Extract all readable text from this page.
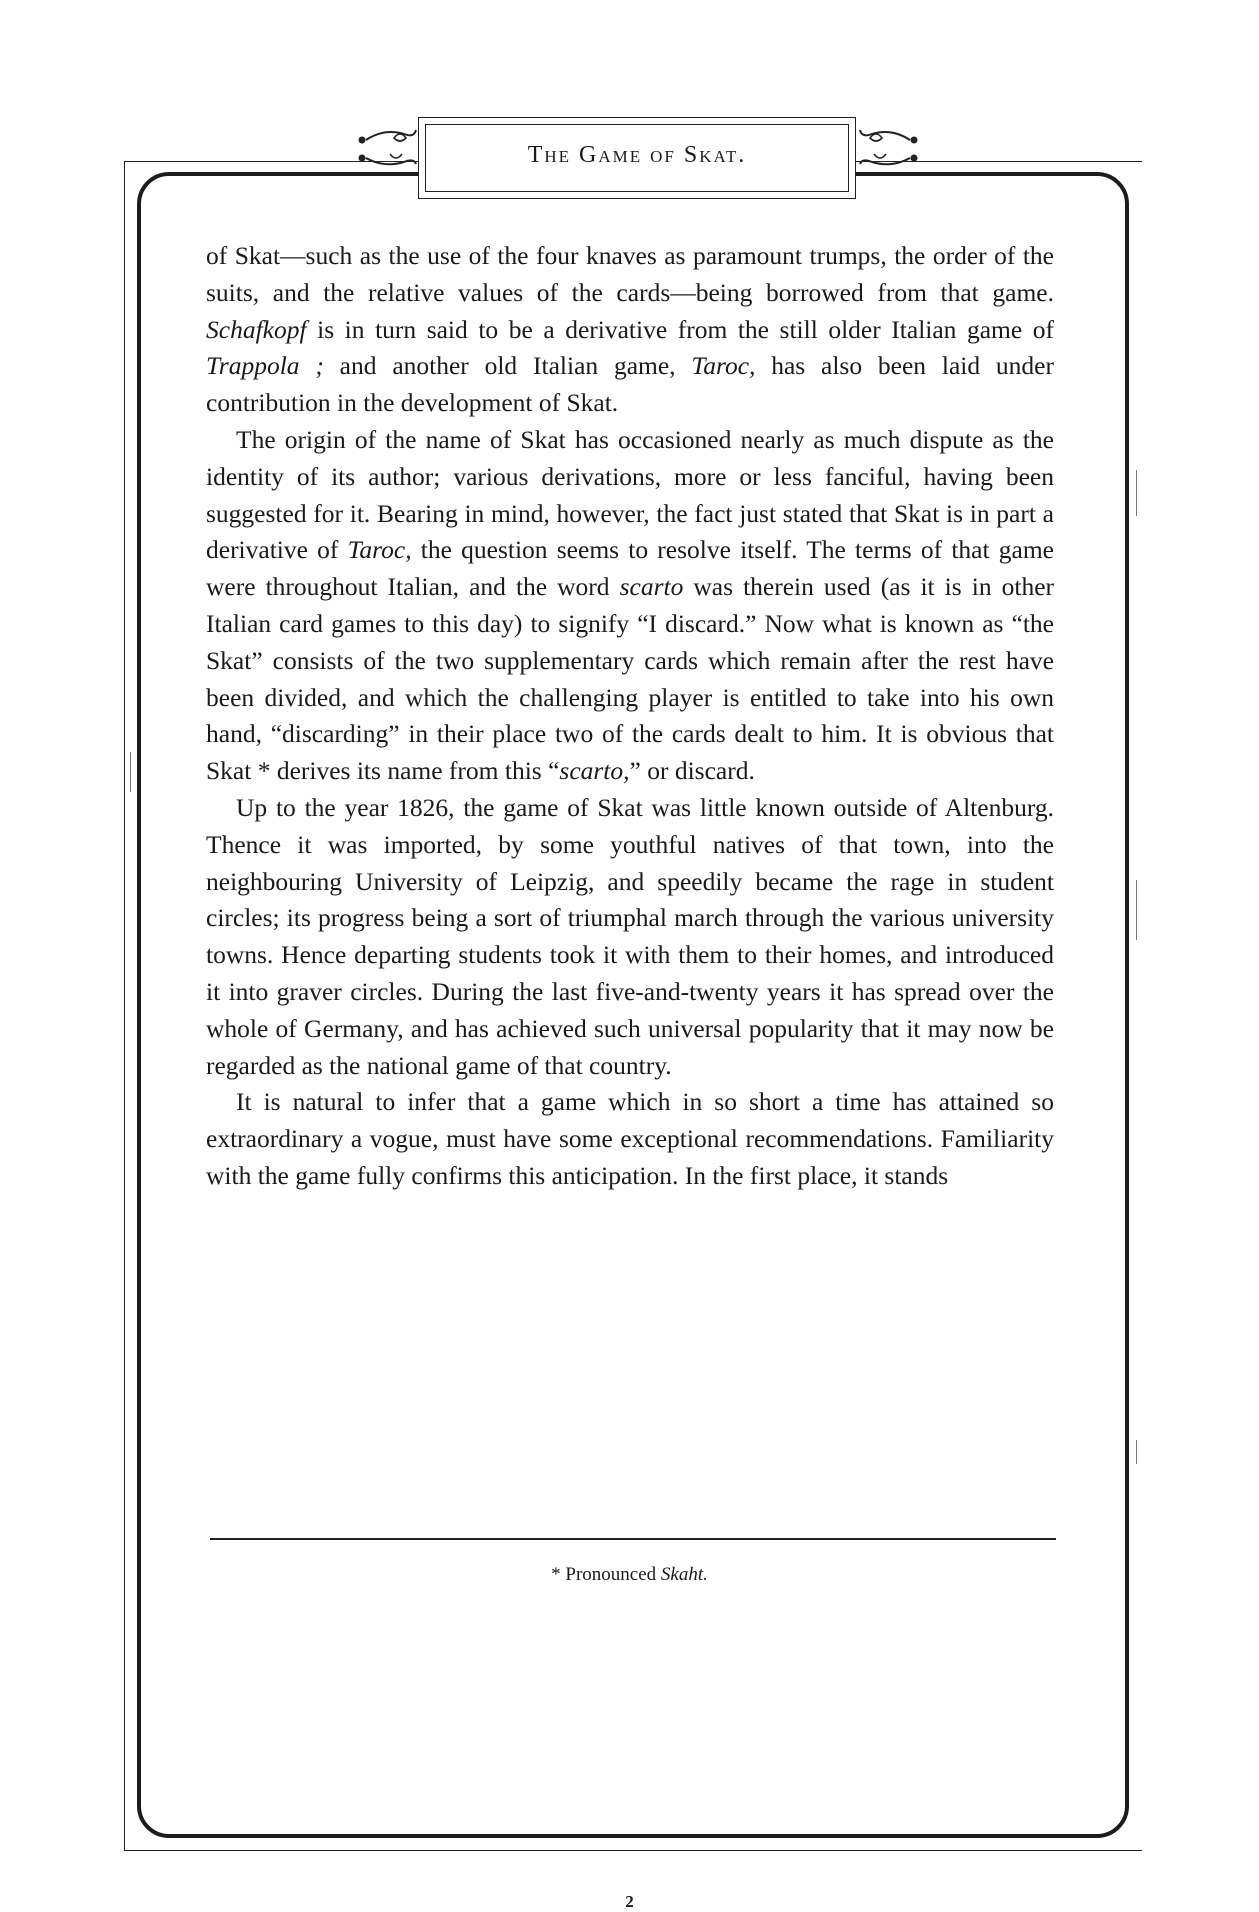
The Game of Skat.

of Skat—such as the use of the four knaves as paramount trumps, the order of the suits, and the relative values of the cards—being borrowed from that game. Schafkopf is in turn said to be a derivative from the still older Italian game of Trappola ; and another old Italian game, Taroc, has also been laid under contribution in the development of Skat.

The origin of the name of Skat has occasioned nearly as much dispute as the identity of its author; various derivations, more or less fanciful, having been suggested for it. Bearing in mind, however, the fact just stated that Skat is in part a derivative of Taroc, the question seems to resolve itself. The terms of that game were throughout Italian, and the word scarto was therein used (as it is in other Italian card games to this day) to signify “I discard.” Now what is known as “the Skat” consists of the two supplementary cards which remain after the rest have been divided, and which the challenging player is entitled to take into his own hand, “discarding” in their place two of the cards dealt to him. It is obvious that Skat * derives its name from this “scarto,” or discard.

Up to the year 1826, the game of Skat was little known outside of Altenburg. Thence it was imported, by some youthful natives of that town, into the neighbouring University of Leipzig, and speedily became the rage in student circles; its progress being a sort of triumphal march through the various university towns. Hence departing students took it with them to their homes, and introduced it into graver circles. During the last five-and-twenty years it has spread over the whole of Germany, and has achieved such universal popularity that it may now be regarded as the national game of that country.

It is natural to infer that a game which in so short a time has attained so extraordinary a vogue, must have some exceptional recommendations. Familiarity with the game fully confirms this anticipation. In the first place, it stands

* Pronounced Skaht.
2
